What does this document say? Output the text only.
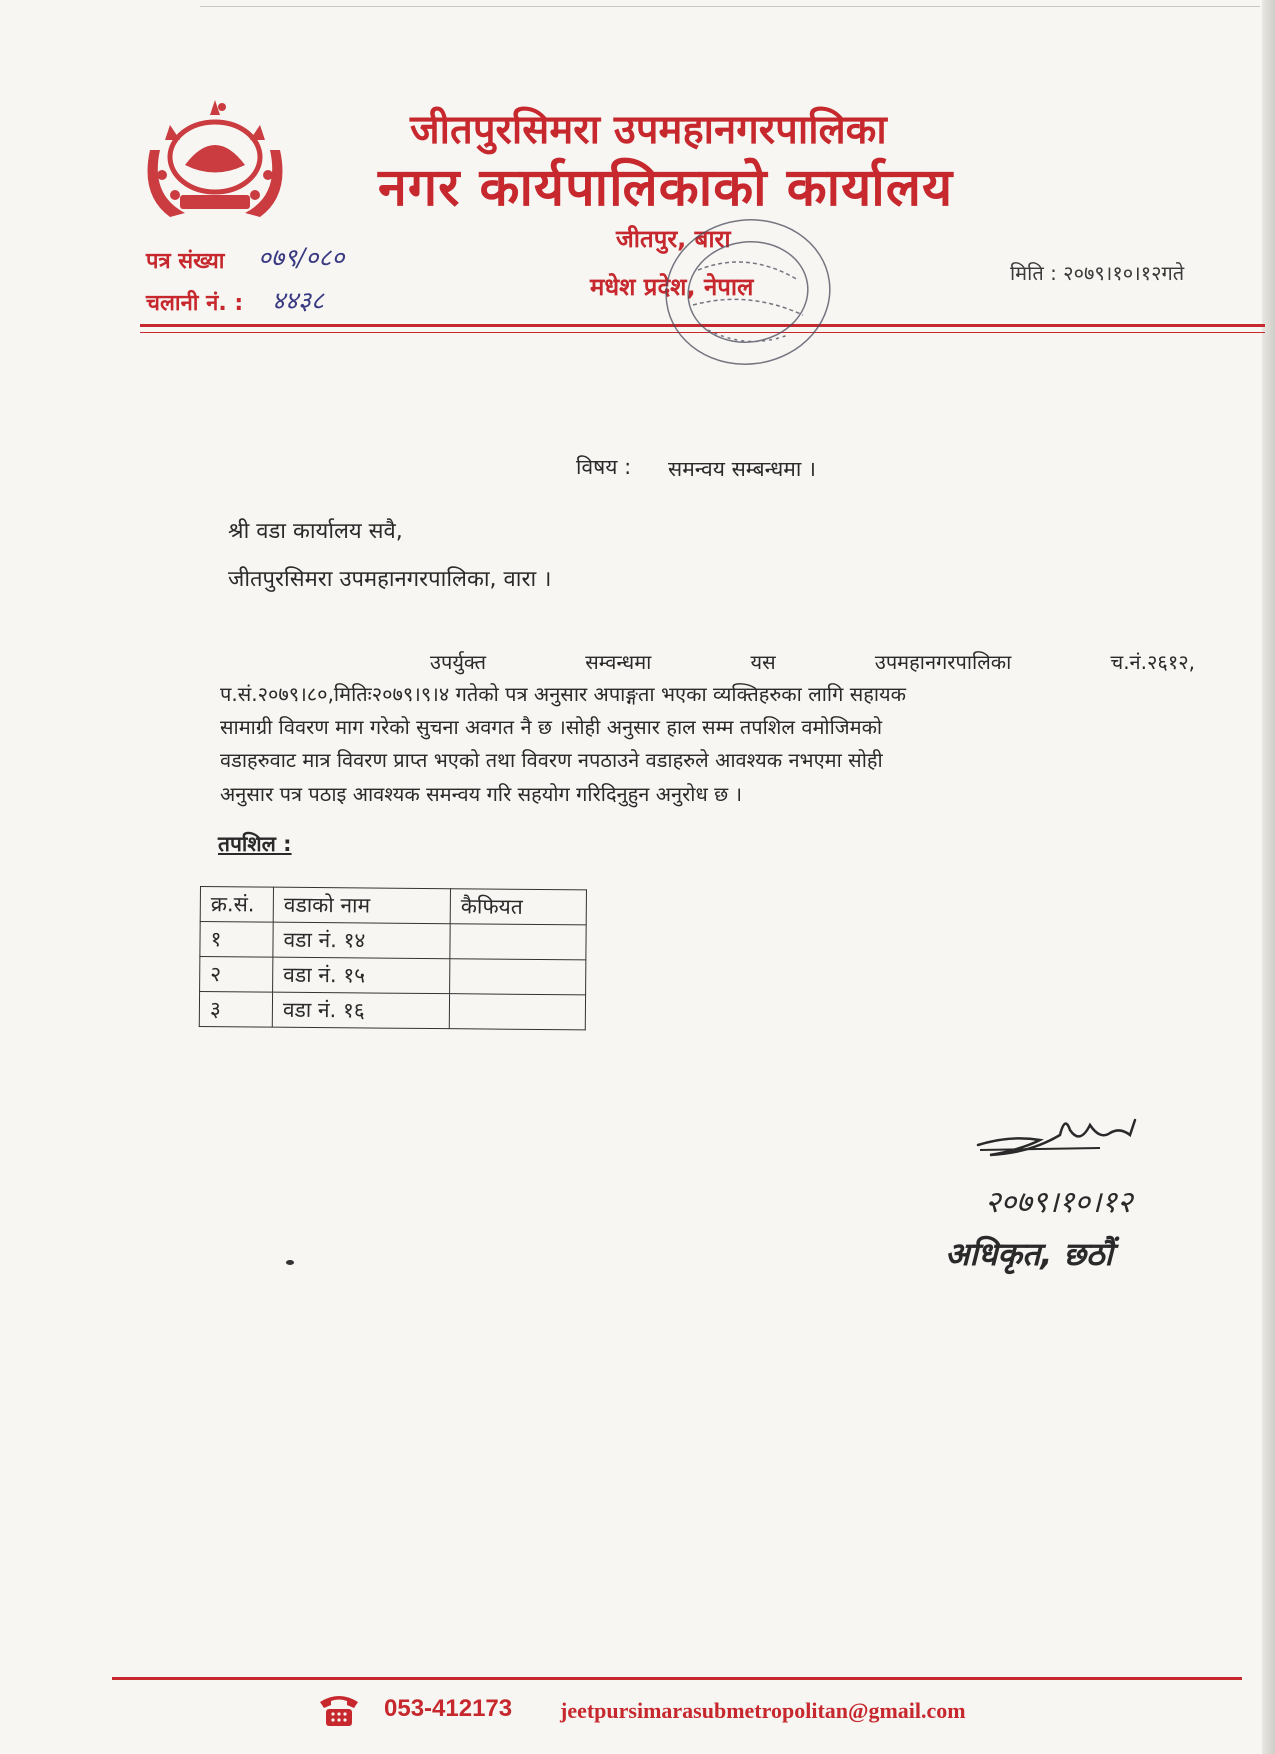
जीतपुरसिमरा उपमहानगरपालिका
नगर कार्यपालिकाको कार्यालय
जीतपुर, बारा
मधेश प्रदेश, नेपाल
पत्र संख्या ०७९/०८०
चलानी नं. : ४४३८
मिति : २०७९।१०।१२गते
विषय : समन्वय सम्बन्धमा ।
श्री वडा कार्यालय सवै,
जीतपुरसिमरा उपमहानगरपालिका, वारा ।
उपर्युक्त	सम्वन्धमा	यस	उपमहानगरपालिका	च.नं.२६१२,
प.सं.२०७९।८०,मितिः२०७९।९।४ गतेको पत्र अनुसार अपाङ्गता भएका व्यक्तिहरुका लागि सहायक
सामाग्री विवरण माग गरेको सुचना अवगत नै छ ।सोही अनुसार हाल सम्म तपशिल वमोजिमको
वडाहरुवाट मात्र विवरण प्राप्त भएको तथा विवरण नपठाउने वडाहरुले आवश्यक नभएमा सोही
अनुसार पत्र पठाइ आवश्यक समन्वय गरि सहयोग गरिदिनुहुन अनुरोध छ ।
तपशिल :
क्र.सं.	वडाको नाम	कैफियत
१	वडा नं. १४	
२	वडा नं. १५	
३	वडा नं. १६	
२०७९।१०।१२
अधिकृत, छठौं
053-412173 jeetpursimarasubmetropolitan@gmail.com
